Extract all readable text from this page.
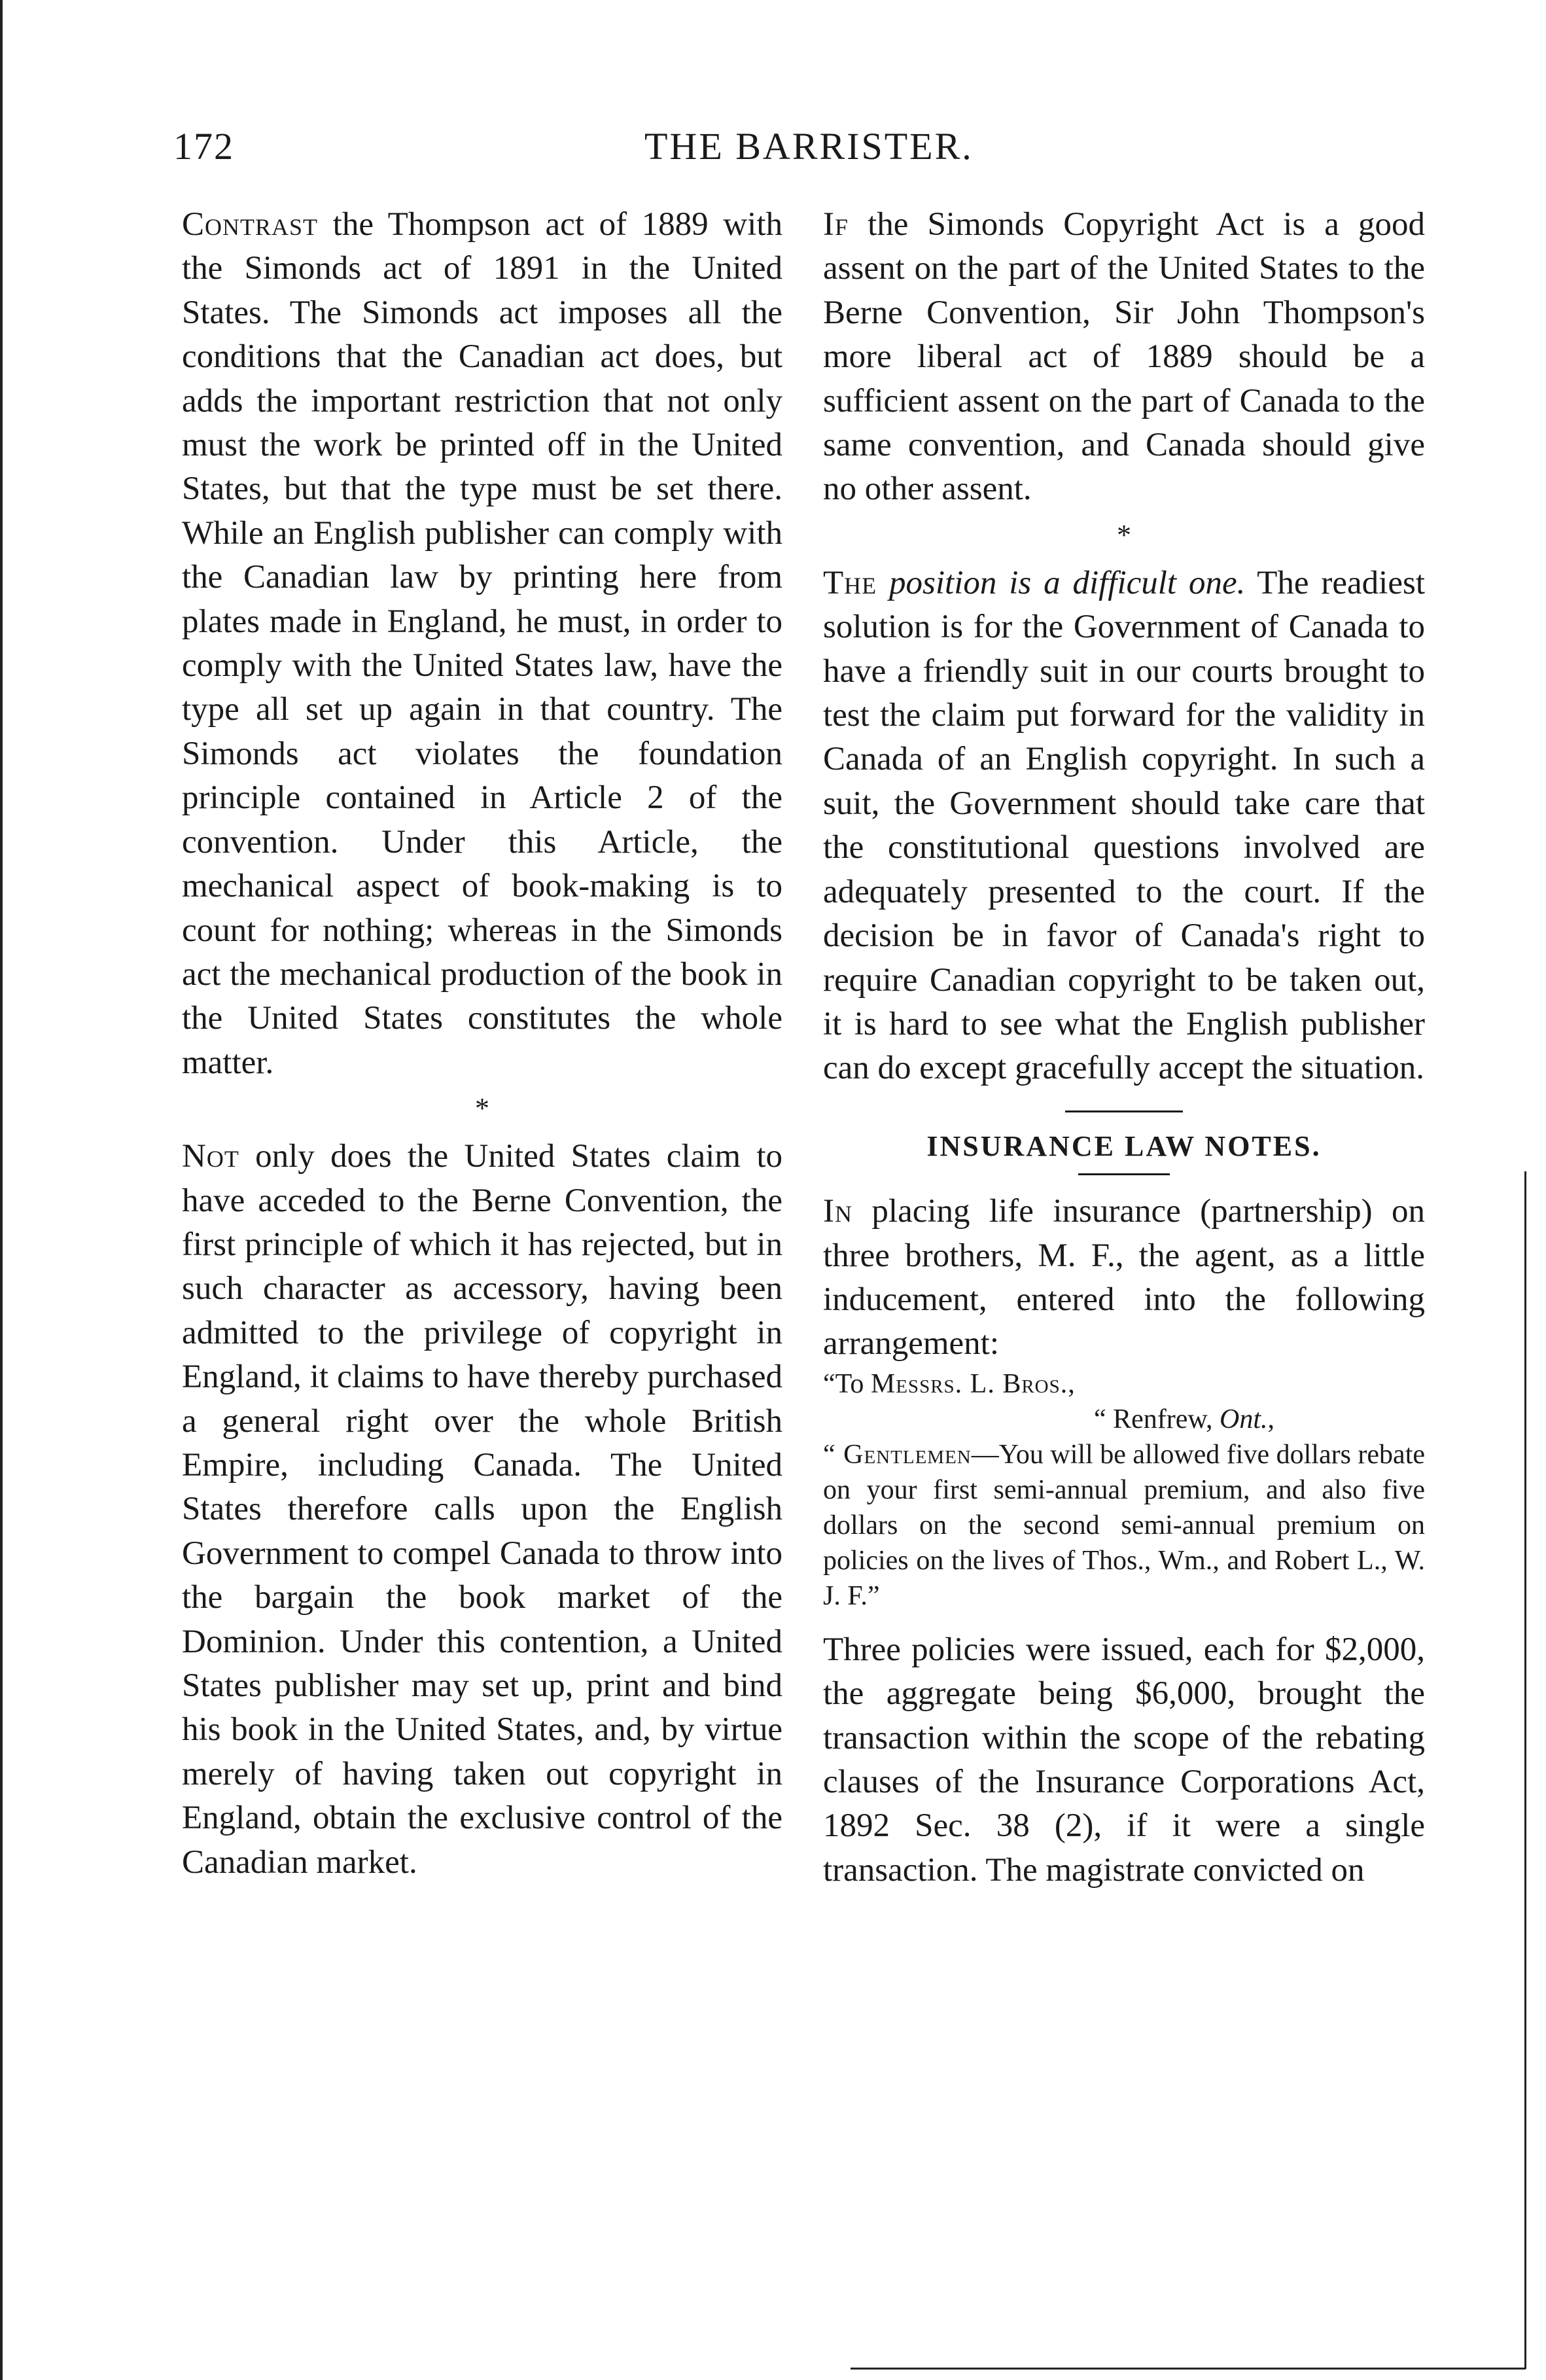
172	THE BARRISTER.

Contrast the Thompson act of 1889 with the Simonds act of 1891 in the United States. The Simonds act imposes all the conditions that the Canadian act does, but adds the important restriction that not only must the work be printed off in the United States, but that the type must be set there. While an English publisher can comply with the Canadian law by printing here from plates made in England, he must, in order to comply with the United States law, have the type all set up again in that country. The Simonds act violates the foundation principle contained in Article 2 of the convention. Under this Article, the mechanical aspect of book-making is to count for nothing; whereas in the Simonds act the mechanical production of the book in the United States constitutes the whole matter.

*

Not only does the United States claim to have acceded to the Berne Convention, the first principle of which it has rejected, but in such character as accessory, having been admitted to the privilege of copyright in England, it claims to have thereby purchased a general right over the whole British Empire, including Canada. The United States therefore calls upon the English Government to compel Canada to throw into the bargain the book market of the Dominion. Under this contention, a United States publisher may set up, print and bind his book in the United States, and, by virtue merely of having taken out copyright in England, obtain the exclusive control of the Canadian market.

If the Simonds Copyright Act is a good assent on the part of the United States to the Berne Convention, Sir John Thompson's more liberal act of 1889 should be a sufficient assent on the part of Canada to the same convention, and Canada should give no other assent.

*

The position is a difficult one. The readiest solution is for the Government of Canada to have a friendly suit in our courts brought to test the claim put forward for the validity in Canada of an English copyright. In such a suit, the Government should take care that the constitutional questions involved are adequately presented to the court. If the decision be in favor of Canada's right to require Canadian copyright to be taken out, it is hard to see what the English publisher can do except gracefully accept the situation.

INSURANCE LAW NOTES.

In placing life insurance (partnership) on three brothers, M. F., the agent, as a little inducement, entered into the following arrangement:

“To Messrs. L. Bros.,

“ Renfrew, Ont.,

“ Gentlemen—You will be allowed five dollars rebate on your first semi-annual premium, and also five dollars on the second semi-annual premium on policies on the lives of Thos., Wm., and Robert L., W. J. F.”

Three policies were issued, each for $2,000, the aggregate being $6,000, brought the transaction within the scope of the rebating clauses of the Insurance Corporations Act, 1892 Sec. 38 (2), if it were a single transaction. The magistrate convicted on
